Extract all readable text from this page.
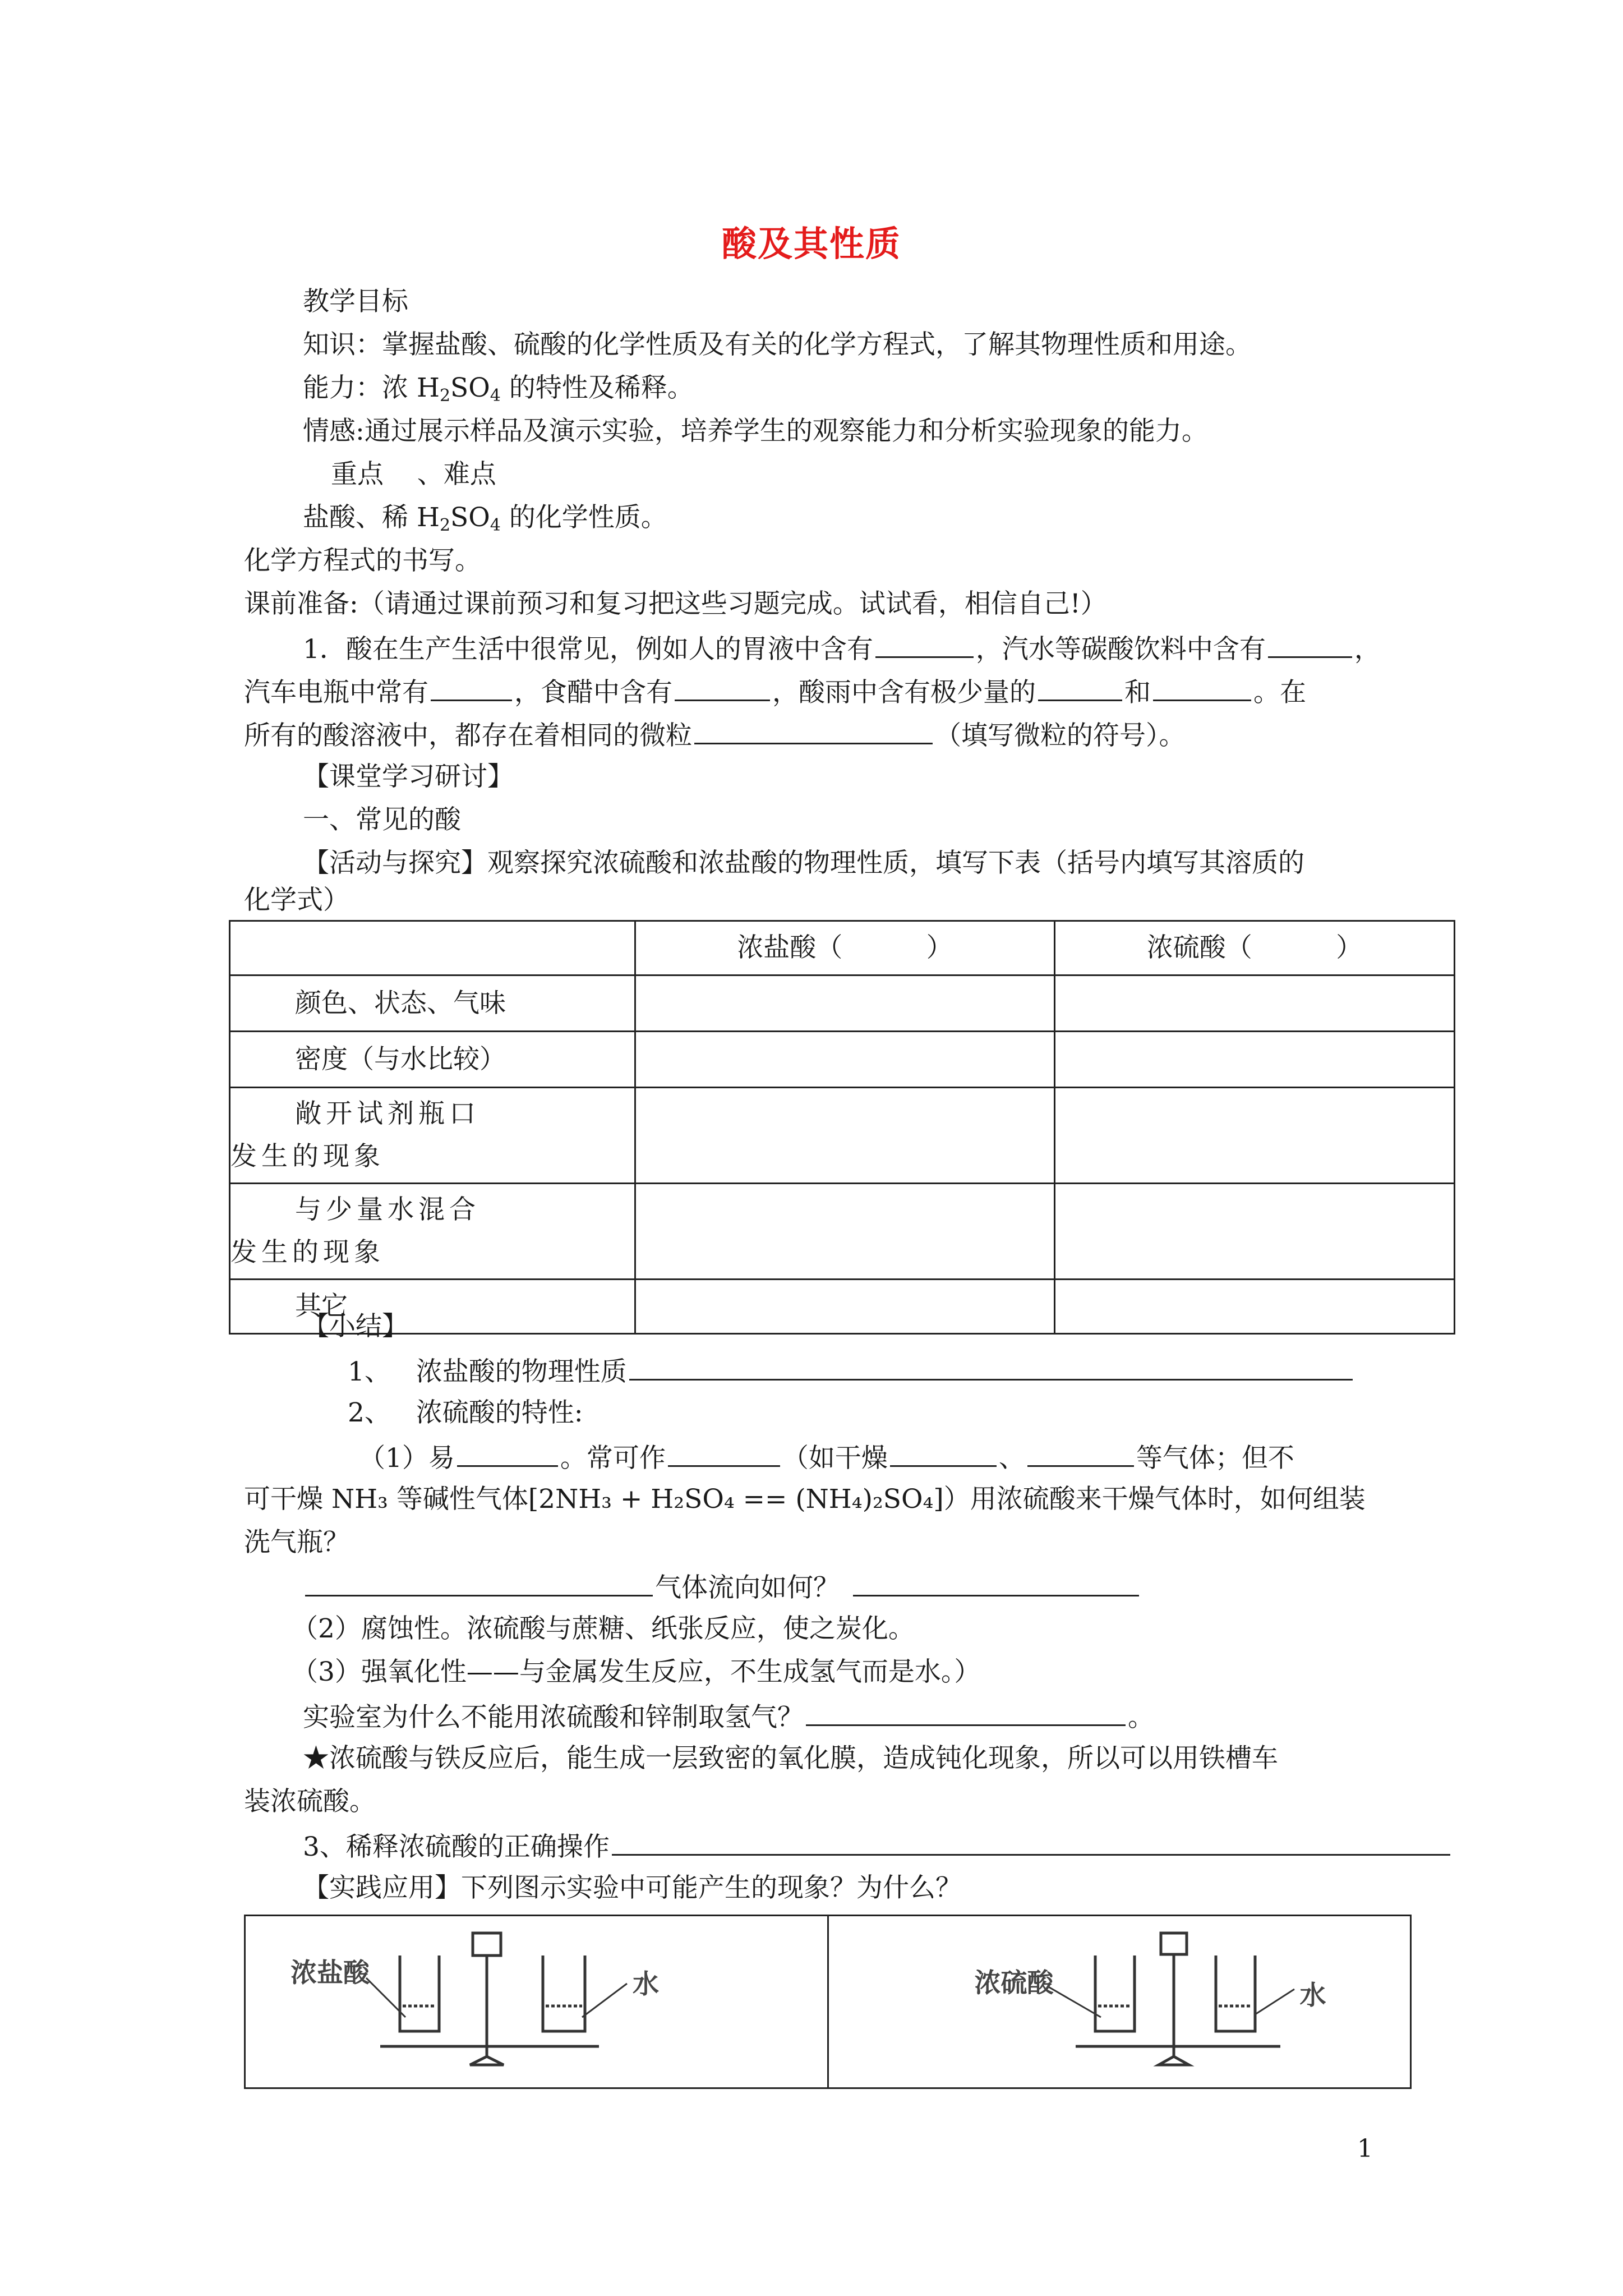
酸及其性质
教学目标
知识：掌握盐酸、硫酸的化学性质及有关的化学方程式，了解其物理性质和用途。
能力：浓 $H_2SO_4$ 的特性及稀释。
情感:通过展示样品及演示实验，培养学生的观察能力和分析实验现象的能力。
重点    、难点
盐酸、稀 $H_2SO_4$ 的化学性质。
化学方程式的书写。
课前准备:（请通过课前预习和复习把这些习题完成。试试看，相信自己!）
1．酸在生产生活中很常见，例如人的胃液中含有	，汽水等碳酸饮料中含有	，
汽车电瓶中常有	，食醋中含有	，酸雨中含有极少量的	和	。在
所有的酸溶液中，都存在着相同的微粒	（填写微粒的符号）。
【课堂学习研讨】
一、常见的酸
【活动与探究】观察探究浓硫酸和浓盐酸的物理性质，填写下表（括号内填写其溶质的
化学式）
	浓盐酸（          ）	浓硫酸（          ）
颜色、状态、气味		
密度（与水比较）		
敞开试剂瓶口发生的现象		
与少量水混合发生的现象		
其它		
【小结】
1、   浓盐酸的物理性质
2、   浓硫酸的特性:
（1）易	。常可作	（如干燥	、	等气体；但不
可干燥 NH₃ 等碱性气体[2NH₃ + H₂SO₄ == (NH₄)₂SO₄]）用浓硫酸来干燥气体时，如何组装
洗气瓶？
气体流向如何？
（2）腐蚀性。浓硫酸与蔗糖、纸张反应，使之炭化。
（3）强氧化性——与金属发生反应，不生成氢气而是水。）
实验室为什么不能用浓硫酸和锌制取氢气？	。
★浓硫酸与铁反应后，能生成一层致密的氧化膜，造成钝化现象，所以可以用铁槽车
装浓硫酸。
3、稀释浓硫酸的正确操作
【实践应用】下列图示实验中可能产生的现象？为什么？
浓盐酸	水	浓硫酸	水
1
